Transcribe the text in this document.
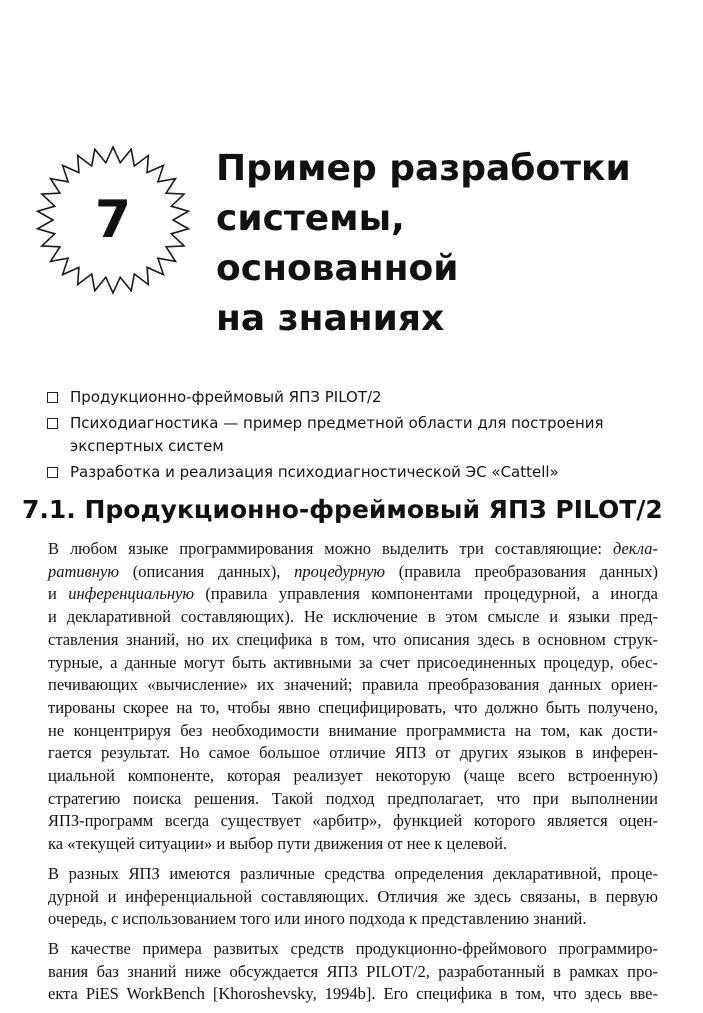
7
Пример разработки
системы,
основанной
на знаниях
Продукционно-фреймовый ЯПЗ PILOT/2
Психодиагностика — пример предметной области для построения
экспертных систем
Разработка и реализация психодиагностической ЭС «Cattell»
7.1. Продукционно-фреймовый ЯПЗ PILOT/2

В любом языке программирования можно выделить три составляющие: декла-
ративную (описания данных), процедурную (правила преобразования данных)
и инференциальную (правила управления компонентами процедурной, а иногда
и декларативной составляющих). Не исключение в этом смысле и языки пред-
ставления знаний, но их специфика в том, что описания здесь в основном струк-
турные, а данные могут быть активными за счет присоединенных процедур, обес-
печивающих «вычисление» их значений; правила преобразования данных ориен-
тированы скорее на то, чтобы явно специфицировать, что должно быть получено,
не концентрируя без необходимости внимание программиста на том, как дости-
гается результат. Но самое большое отличие ЯПЗ от других языков в инферен-
циальной компоненте, которая реализует некоторую (чаще всего встроенную)
стратегию поиска решения. Такой подход предполагает, что при выполнении
ЯПЗ-программ всегда существует «арбитр», функцией которого является оцен-
ка «текущей ситуации» и выбор пути движения от нее к целевой.

В разных ЯПЗ имеются различные средства определения декларативной, проце-
дурной и инференциальной составляющих. Отличия же здесь связаны, в первую
очередь, с использованием того или иного подхода к представлению знаний.

В качестве примера развитых средств продукционно-фреймового программиро-
вания баз знаний ниже обсуждается ЯПЗ PILOT/2, разработанный в рамках про-
екта PiES WorkBench [Khoroshevsky, 1994b]. Его специфика в том, что здесь вве-
